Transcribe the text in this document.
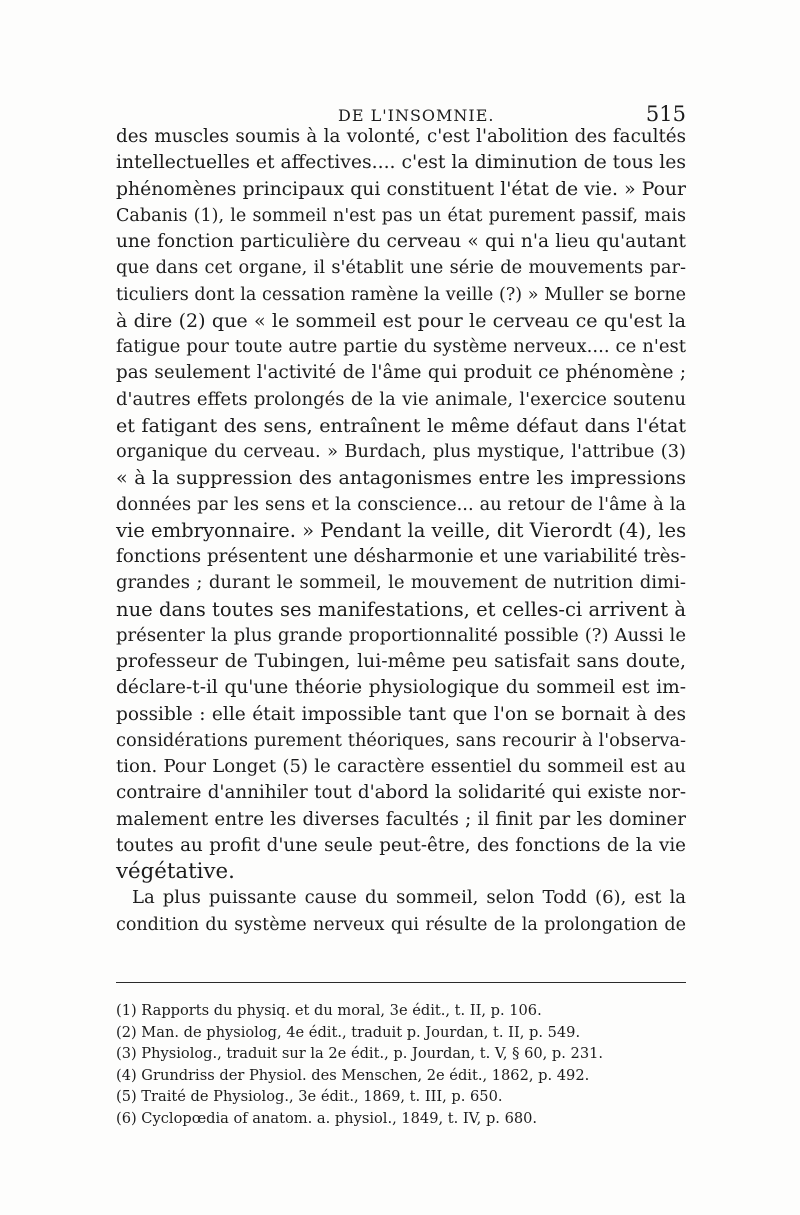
DE L'INSOMNIE.	515
des muscles soumis à la volonté, c'est l'abolition des facultés
intellectuelles et affectives.... c'est la diminution de tous les
phénomènes principaux qui constituent l'état de vie. » Pour
Cabanis (1), le sommeil n'est pas un état purement passif, mais
une fonction particulière du cerveau « qui n'a lieu qu'autant
que dans cet organe, il s'établit une série de mouvements par-
ticuliers dont la cessation ramène la veille (?) » Muller se borne
à dire (2) que « le sommeil est pour le cerveau ce qu'est la
fatigue pour toute autre partie du système nerveux.... ce n'est
pas seulement l'activité de l'âme qui produit ce phénomène ;
d'autres effets prolongés de la vie animale, l'exercice soutenu
et fatigant des sens, entraînent le même défaut dans l'état
organique du cerveau. » Burdach, plus mystique, l'attribue (3)
« à la suppression des antagonismes entre les impressions
données par les sens et la conscience... au retour de l'âme à la
vie embryonnaire. » Pendant la veille, dit Vierordt (4), les
fonctions présentent une désharmonie et une variabilité très-
grandes ; durant le sommeil, le mouvement de nutrition dimi-
nue dans toutes ses manifestations, et celles-ci arrivent à
présenter la plus grande proportionnalité possible (?) Aussi le
professeur de Tubingen, lui-même peu satisfait sans doute,
déclare-t-il qu'une théorie physiologique du sommeil est im-
possible : elle était impossible tant que l'on se bornait à des
considérations purement théoriques, sans recourir à l'observa-
tion. Pour Longet (5) le caractère essentiel du sommeil est au
contraire d'annihiler tout d'abord la solidarité qui existe nor-
malement entre les diverses facultés ; il finit par les dominer
toutes au profit d'une seule peut-être, des fonctions de la vie
végétative.
La plus puissante cause du sommeil, selon Todd (6), est la
condition du système nerveux qui résulte de la prolongation de
(1) Rapports du physiq. et du moral, 3e édit., t. II, p. 106.
(2) Man. de physiolog, 4e édit., traduit p. Jourdan, t. II, p. 549.
(3) Physiolog., traduit sur la 2e édit., p. Jourdan, t. V, § 60, p. 231.
(4) Grundriss der Physiol. des Menschen, 2e édit., 1862, p. 492.
(5) Traité de Physiolog., 3e édit., 1869, t. III, p. 650.
(6) Cyclopœdia of anatom. a. physiol., 1849, t. IV, p. 680.
